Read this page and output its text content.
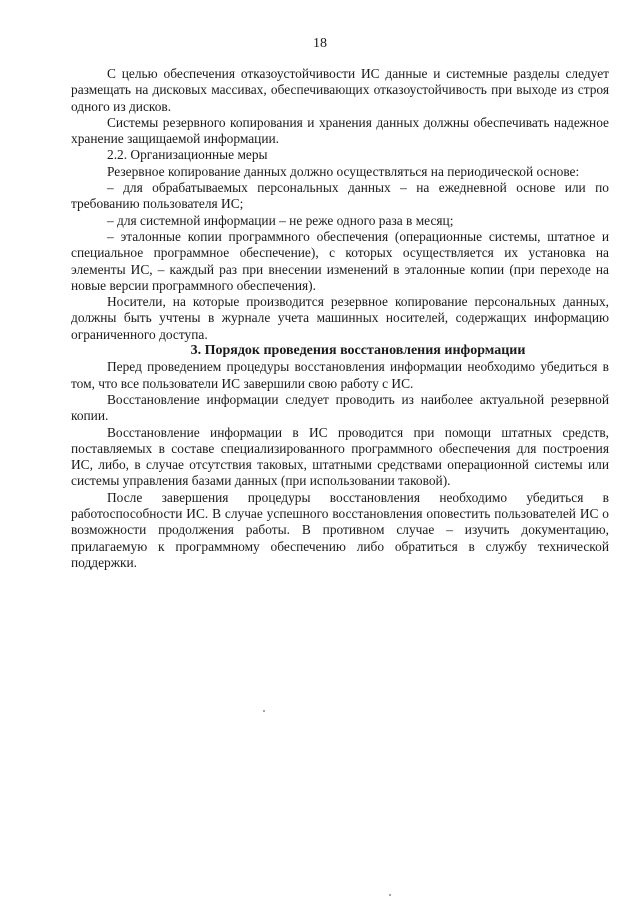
18

С целью обеспечения отказоустойчивости ИС данные и системные разделы следует размещать на дисковых массивах, обеспечивающих отказоустойчивость при выходе из строя одного из дисков.

Системы резервного копирования и хранения данных должны обеспечивать надежное хранение защищаемой информации.

2.2. Организационные меры

Резервное копирование данных должно осуществляться на периодической основе:

– для обрабатываемых персональных данных – на ежедневной основе или по требованию пользователя ИС;

– для системной информации – не реже одного раза в месяц;

– эталонные копии программного обеспечения (операционные системы, штатное и специальное программное обеспечение), с которых осуществляется их установка на элементы ИС, – каждый раз при внесении изменений в эталонные копии (при переходе на новые версии программного обеспечения).

Носители, на которые производится резервное копирование персональных данных, должны быть учтены в журнале учета машинных носителей, содержащих информацию ограниченного доступа.

3. Порядок проведения восстановления информации

Перед проведением процедуры восстановления информации необходимо убедиться в том, что все пользователи ИС завершили свою работу с ИС.

Восстановление информации следует проводить из наиболее актуальной резервной копии.

Восстановление информации в ИС проводится при помощи штатных средств, поставляемых в составе специализированного программного обеспечения для построения ИС, либо, в случае отсутствия таковых, штатными средствами операционной системы или системы управления базами данных (при использовании таковой).

После завершения процедуры восстановления необходимо убедиться в работоспособности ИС. В случае успешного восстановления оповестить пользователей ИС о возможности продолжения работы. В противном случае – изучить документацию, прилагаемую к программному обеспечению либо обратиться в службу технической поддержки.
